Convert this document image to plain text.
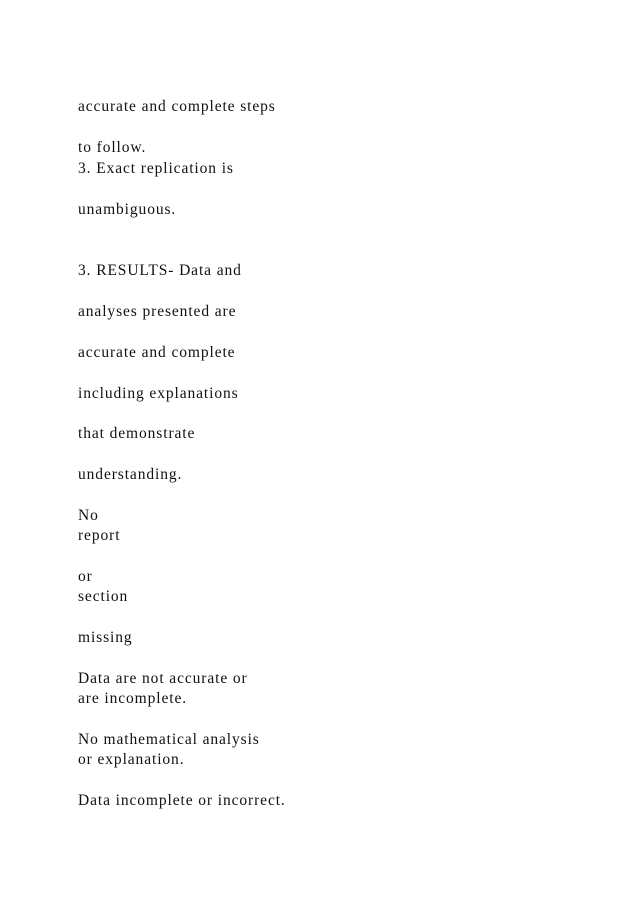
accurate and complete steps

to follow.

3. Exact replication is

unambiguous.

3. RESULTS- Data and

analyses presented are

accurate and complete

including explanations

that demonstrate

understanding.

No

report

or

section

missing

Data are not accurate or

are incomplete.

No mathematical analysis

or explanation.

Data incomplete or incorrect.
